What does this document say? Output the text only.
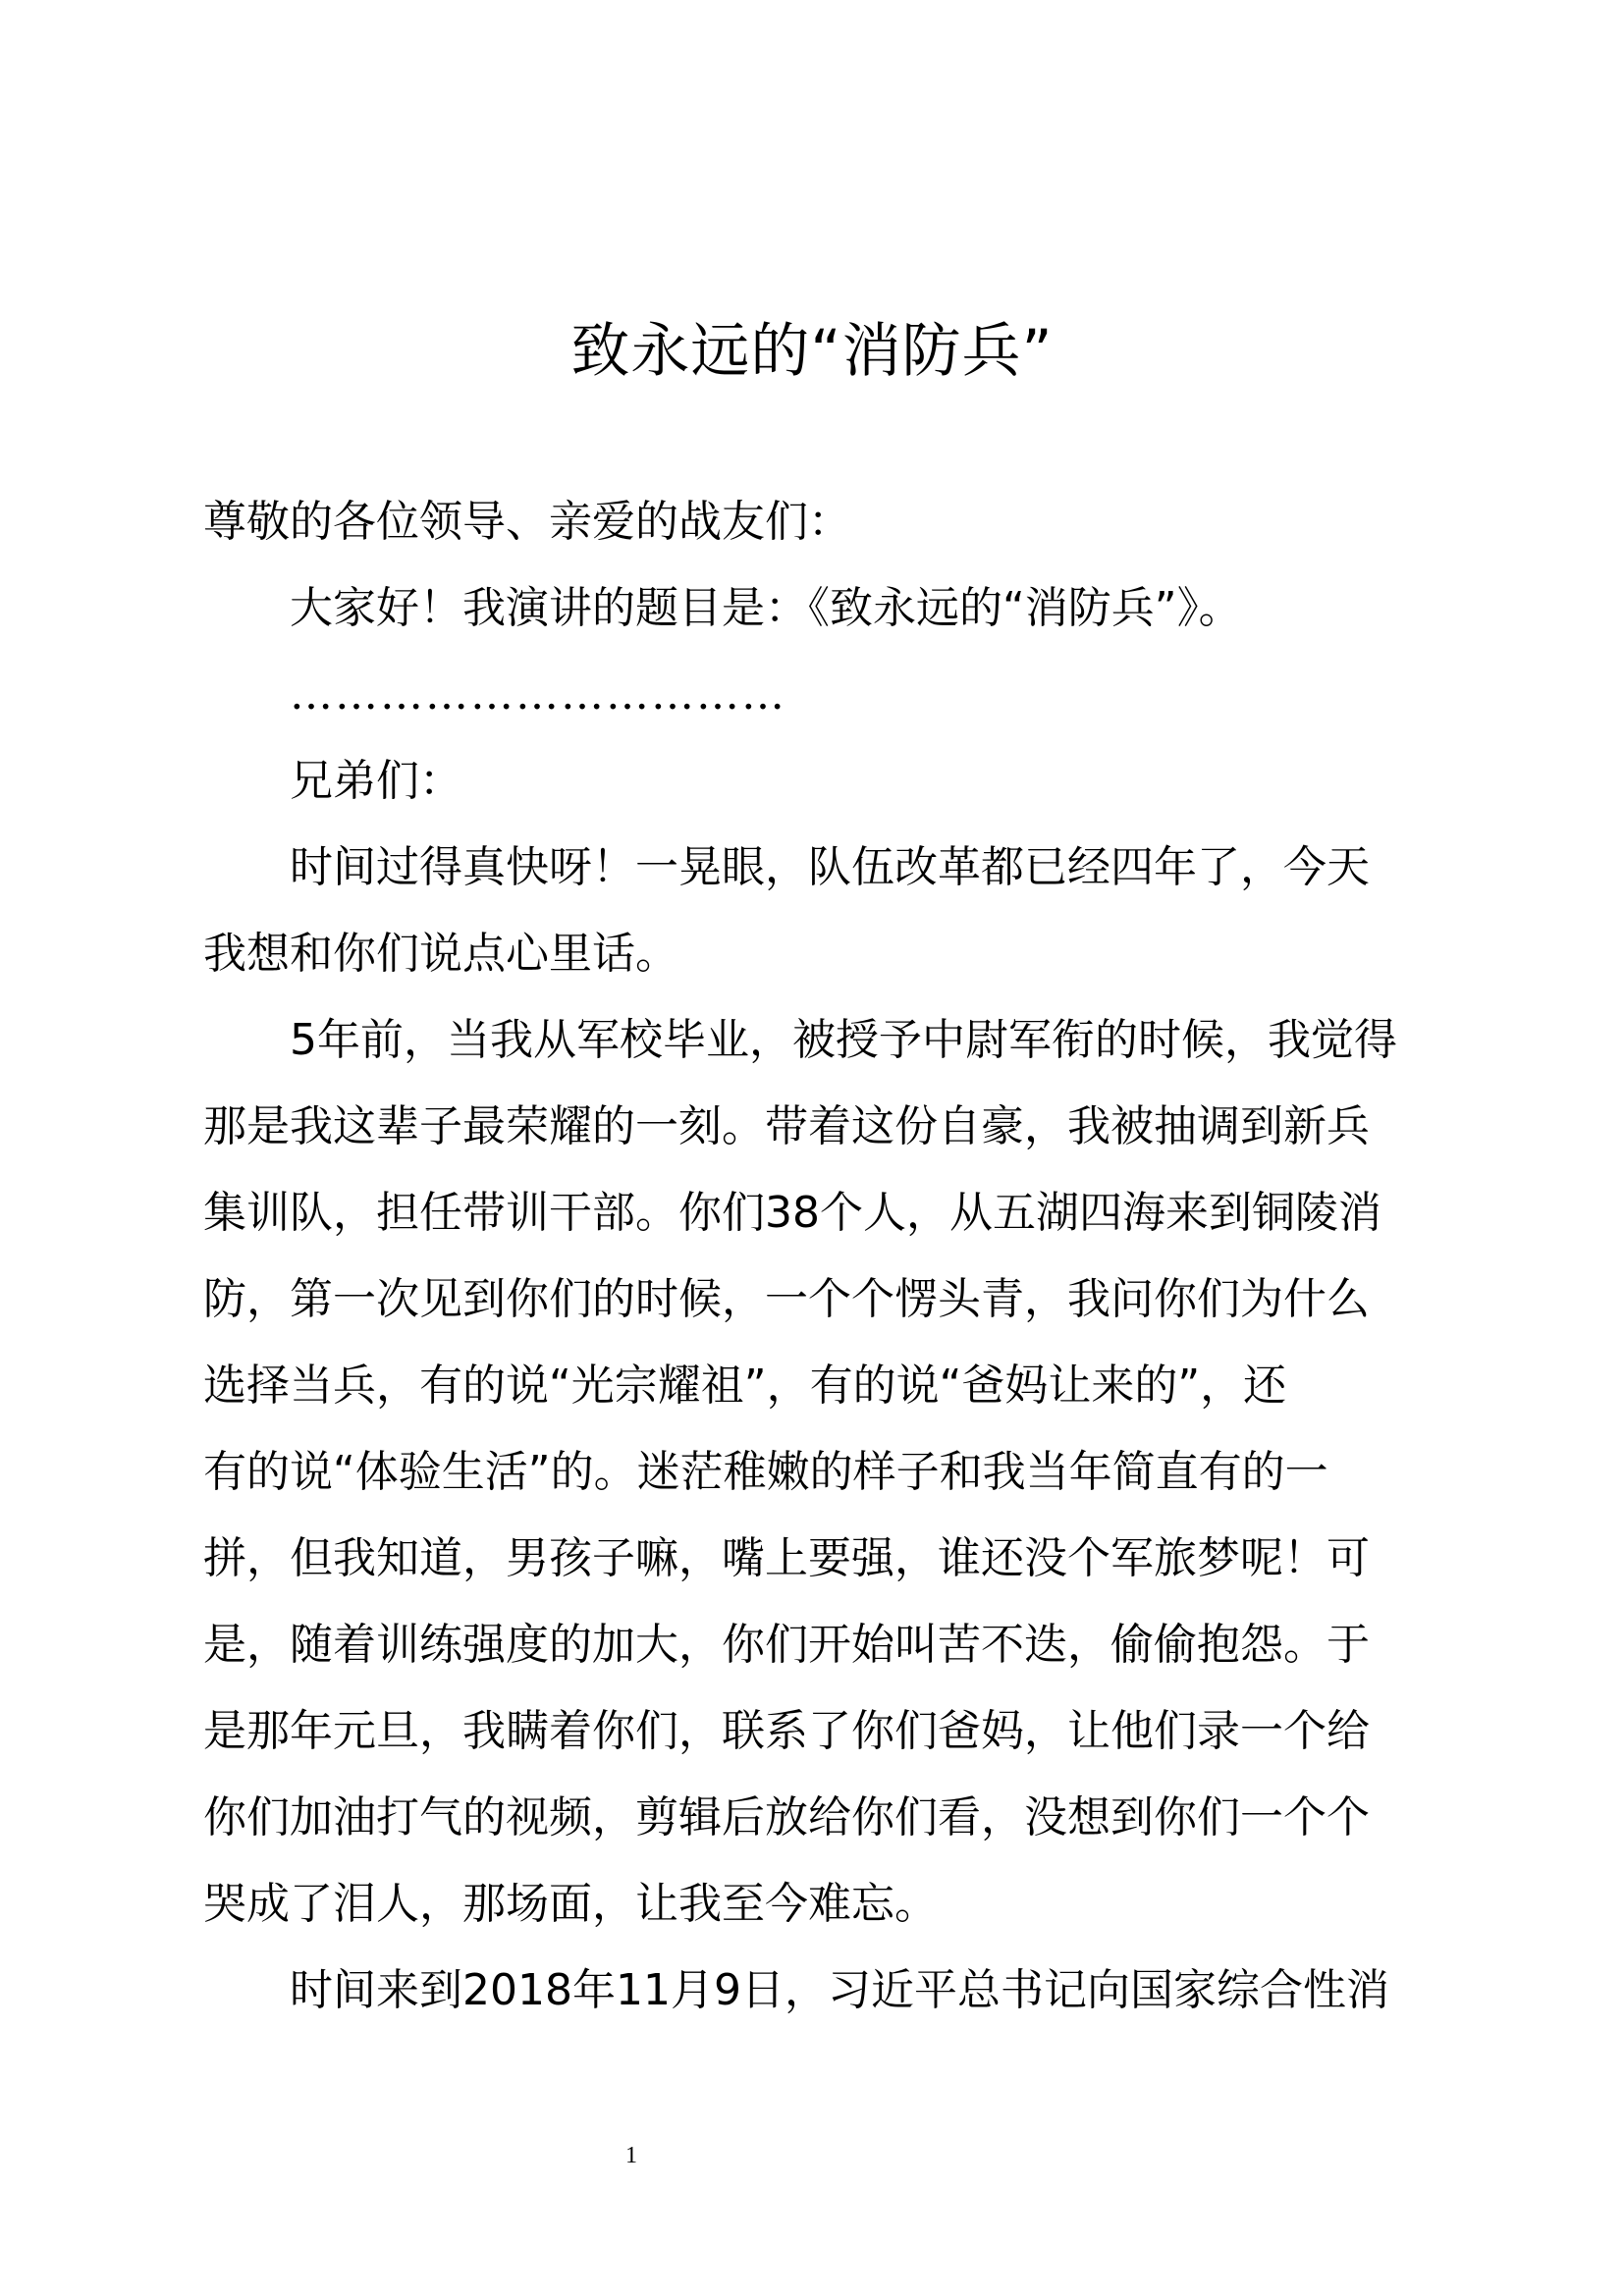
致永远的“消防兵”
尊敬的各位领导、亲爱的战友们：
大家好！我演讲的题目是：《致永远的“消防兵”》。
……………………………
兄弟们：
时间过得真快呀！一晃眼，队伍改革都已经四年了，今天
我想和你们说点心里话。
5年前，当我从军校毕业，被授予中尉军衔的时候，我觉得
那是我这辈子最荣耀的一刻。带着这份自豪，我被抽调到新兵
集训队，担任带训干部。你们38个人，从五湖四海来到铜陵消
防，第一次见到你们的时候，一个个愣头青，我问你们为什么
选择当兵，有的说“光宗耀祖”，有的说“爸妈让来的”，还
有的说“体验生活”的。迷茫稚嫩的样子和我当年简直有的一
拼，但我知道，男孩子嘛，嘴上要强，谁还没个军旅梦呢！可
是，随着训练强度的加大，你们开始叫苦不迭，偷偷抱怨。于
是那年元旦，我瞒着你们，联系了你们爸妈，让他们录一个给
你们加油打气的视频，剪辑后放给你们看，没想到你们一个个
哭成了泪人，那场面，让我至今难忘。
时间来到2018年11月9日，习近平总书记向国家综合性消
1
